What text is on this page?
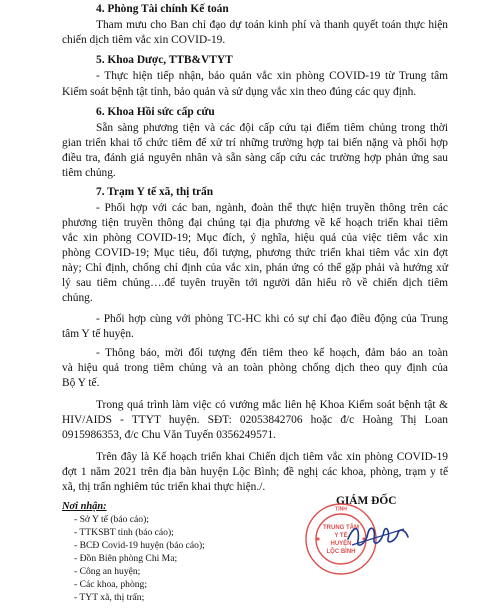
4. Phòng Tài chính Kế toán
Tham mưu cho Ban chỉ đạo dự toán kinh phí và thanh quyết toán thực hiện
chiến dịch tiêm vắc xin COVID-19.
5. Khoa Dược, TTB&VTYT
- Thực hiện tiếp nhận, bảo quản vắc xin phòng COVID-19 từ Trung tâm
Kiểm soát bệnh tật tỉnh, bảo quản và sử dụng vắc xin theo đúng các quy định.
6. Khoa Hồi sức cấp cứu
Sẵn sàng phương tiện và các đội cấp cứu tại điểm tiêm chủng trong thời
gian triển khai tổ chức tiêm để xử trí những trường hợp tai biến nặng và phối hợp
điều tra, đánh giá nguyên nhân và sẵn sàng cấp cứu các trường hợp phản ứng sau
tiêm chủng.
7. Trạm Y tế xã, thị trấn
- Phối hợp với các ban, ngành, đoàn thể thực hiện truyền thông trên các
phương tiện truyền thông đại chúng tại địa phương về kế hoạch triển khai tiêm
vắc xin phòng COVID-19; Mục đích, ý nghĩa, hiệu quả của việc tiêm vắc xin
phòng COVID-19; Mục tiêu, đối tượng, phương thức triển khai tiêm vắc xin đợt
này; Chỉ định, chống chỉ định của vắc xin, phản ứng có thể gặp phải và hướng xử
lý sau tiêm chủng….để tuyên truyền tới người dân hiểu rõ về chiến dịch tiêm
chủng.
- Phối hợp cùng với phòng TC-HC khi có sự chỉ đạo điều động của Trung
tâm Y tế huyện.
- Thông báo, mời đối tượng đến tiêm theo kế hoạch, đảm bảo an toàn
và hiệu quả trong tiêm chủng và an toàn phòng chống dịch theo quy định của
Bộ Y tế.
Trong quá trình làm việc có vướng mắc liên hệ Khoa Kiểm soát bệnh tật &
HIV/AIDS - TTYT huyện. SĐT: 02053842706 hoặc đ/c Hoàng Thị Loan
0915986353, đ/c Chu Văn Tuyến 0356249571.
Trên đây là Kế hoạch triển khai Chiến dịch tiêm vắc xin phòng COVID-19
đợt 1 năm 2021 trên địa bàn huyện Lộc Bình; đề nghị các khoa, phòng, trạm y tế
xã, thị trấn nghiêm túc triển khai thực hiện./.
Nơi nhận:
- Sở Y tế (báo cáo);
- TTKSBT tỉnh (báo cáo);
- BCĐ Covid-19 huyện (báo cáo);
- Đồn Biên phòng Chi Ma;
- Công an huyện;
- Các khoa, phòng;
- TYT xã, thị trấn;
GIÁM ĐỐC
TỈNH
TRUNG TÂM
Y TẾ
HUYỆN
LỘC BÌNH
